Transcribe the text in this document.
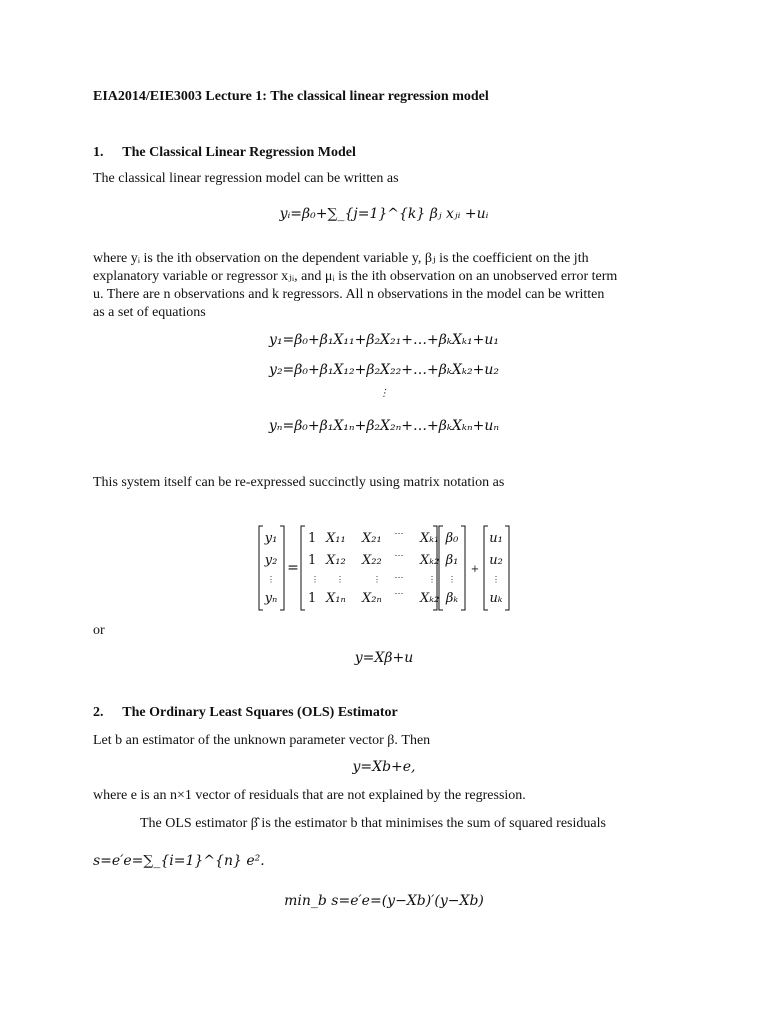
EIA2014/EIE3003 Lecture 1: The classical linear regression model
1. The Classical Linear Regression Model
The classical linear regression model can be written as
yᵢ=β₀+∑_{j=1}^{k} βⱼ xⱼᵢ +uᵢ
where yᵢ is the ith observation on the dependent variable y, βⱼ is the coefficient on the jth
explanatory variable or regressor xⱼᵢ, and μᵢ is the ith observation on an unobserved error term
u. There are n observations and k regressors. All n observations in the model can be written
as a set of equations
y₁=β₀+β₁X₁₁+β₂X₂₁+…+βₖXₖ₁+u₁
y₂=β₀+β₁X₁₂+β₂X₂₂+…+βₖXₖ₂+u₂
⋮
yₙ=β₀+β₁X₁ₙ+β₂X₂ₙ+…+βₖXₖₙ+uₙ
This system itself can be re-expressed succinctly using matrix notation as
y₁
y₂
⋮
yₙ
=
1 X₁₁ X₂₁ ⋯ Xₖ₁
1 X₁₂ X₂₂ ⋯ Xₖ₂
⋮ ⋮	⋮ ⋯	⋮
1 X₁ₙ X₂ₙ ⋯ Xₖ₂
β₀
β₁
⋮
βₖ
+
u₁
u₂
⋮
uₖ
or
y=Xβ+u
2. The Ordinary Least Squares (OLS) Estimator
Let b an estimator of the unknown parameter vector β. Then
y=Xb+e,
where e is an n×1 vector of residuals that are not explained by the regression.
The OLS estimator β̂ is the estimator b that minimises the sum of squared residuals
s=e′e=∑_{i=1}^{n} e².
min_b s=e′e=(y−Xb)′(y−Xb)
